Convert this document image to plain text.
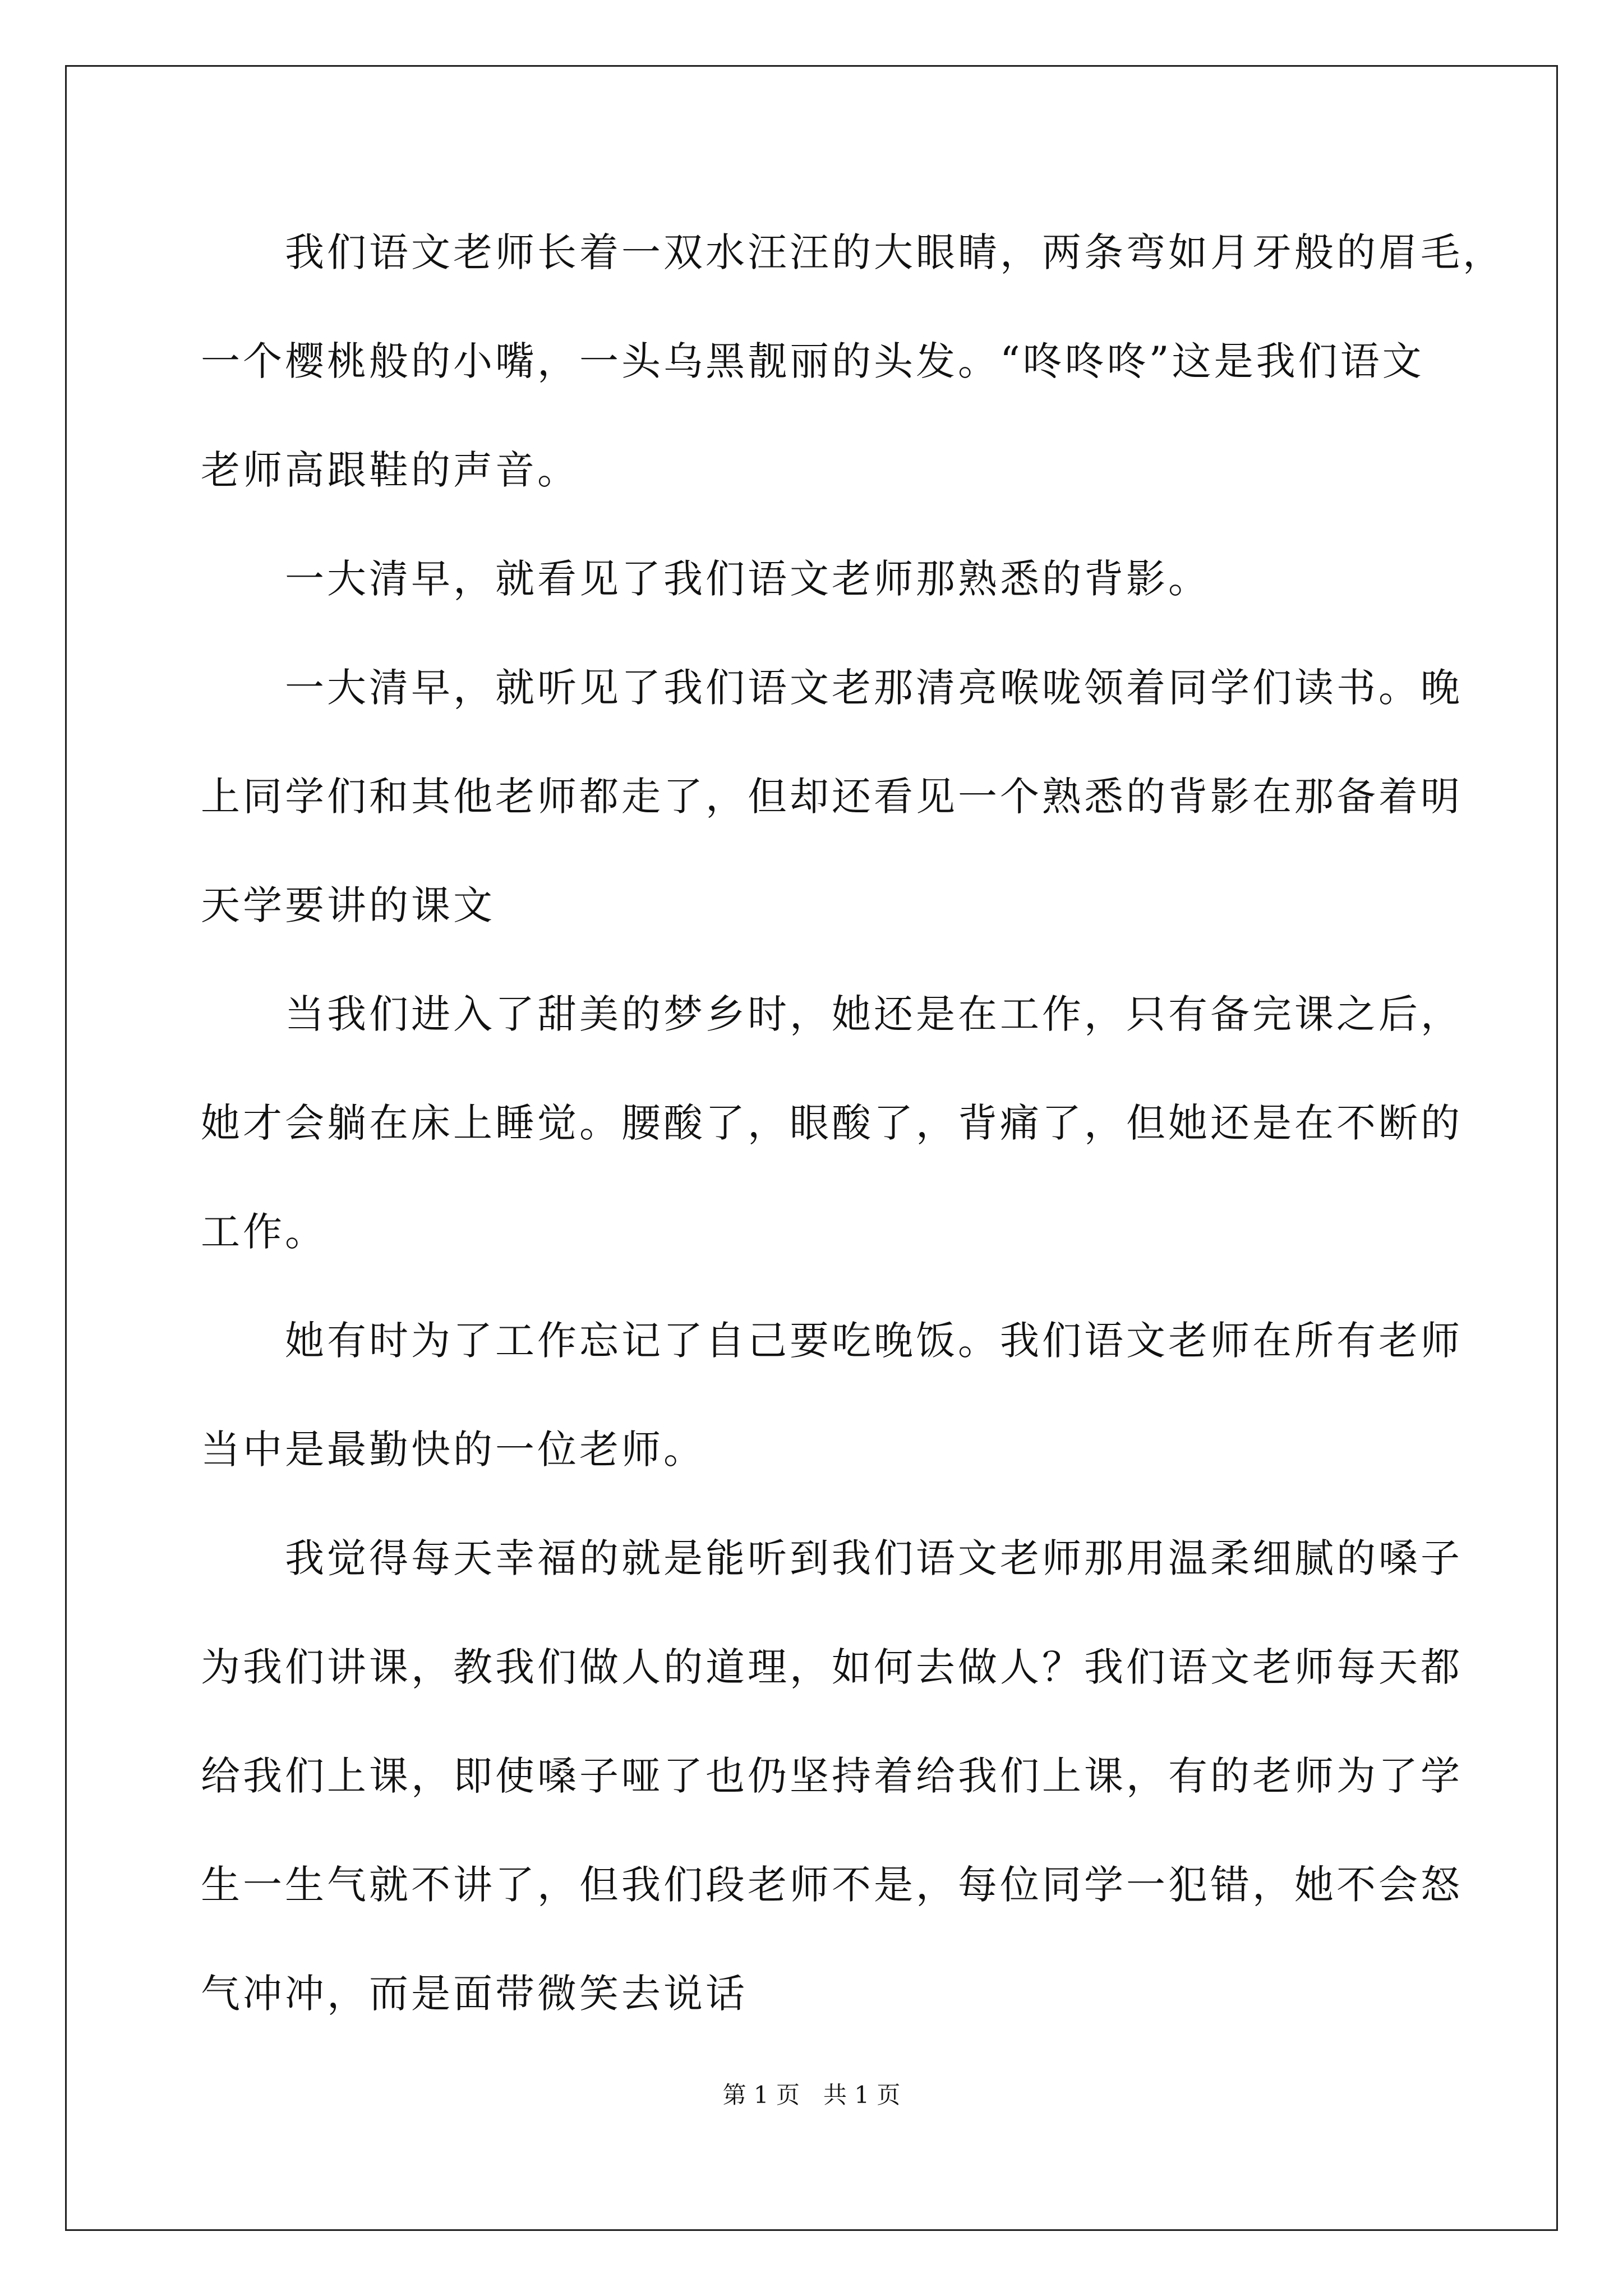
　　我们语文老师长着一双水汪汪的大眼睛，两条弯如月牙般的眉毛，
一个樱桃般的小嘴，一头乌黑靓丽的头发。“咚咚咚”这是我们语文
老师高跟鞋的声音。
　　一大清早，就看见了我们语文老师那熟悉的背影。
　　一大清早，就听见了我们语文老那清亮喉咙领着同学们读书。晚
上同学们和其他老师都走了，但却还看见一个熟悉的背影在那备着明
天学要讲的课文
　　当我们进入了甜美的梦乡时，她还是在工作，只有备完课之后，
她才会躺在床上睡觉。腰酸了，眼酸了，背痛了，但她还是在不断的
工作。
　　她有时为了工作忘记了自己要吃晚饭。我们语文老师在所有老师
当中是最勤快的一位老师。
　　我觉得每天幸福的就是能听到我们语文老师那用温柔细腻的嗓子
为我们讲课，教我们做人的道理，如何去做人？我们语文老师每天都
给我们上课，即使嗓子哑了也仍坚持着给我们上课，有的老师为了学
生一生气就不讲了，但我们段老师不是，每位同学一犯错，她不会怒
气冲冲，而是面带微笑去说话
第 1 页　共 1 页
